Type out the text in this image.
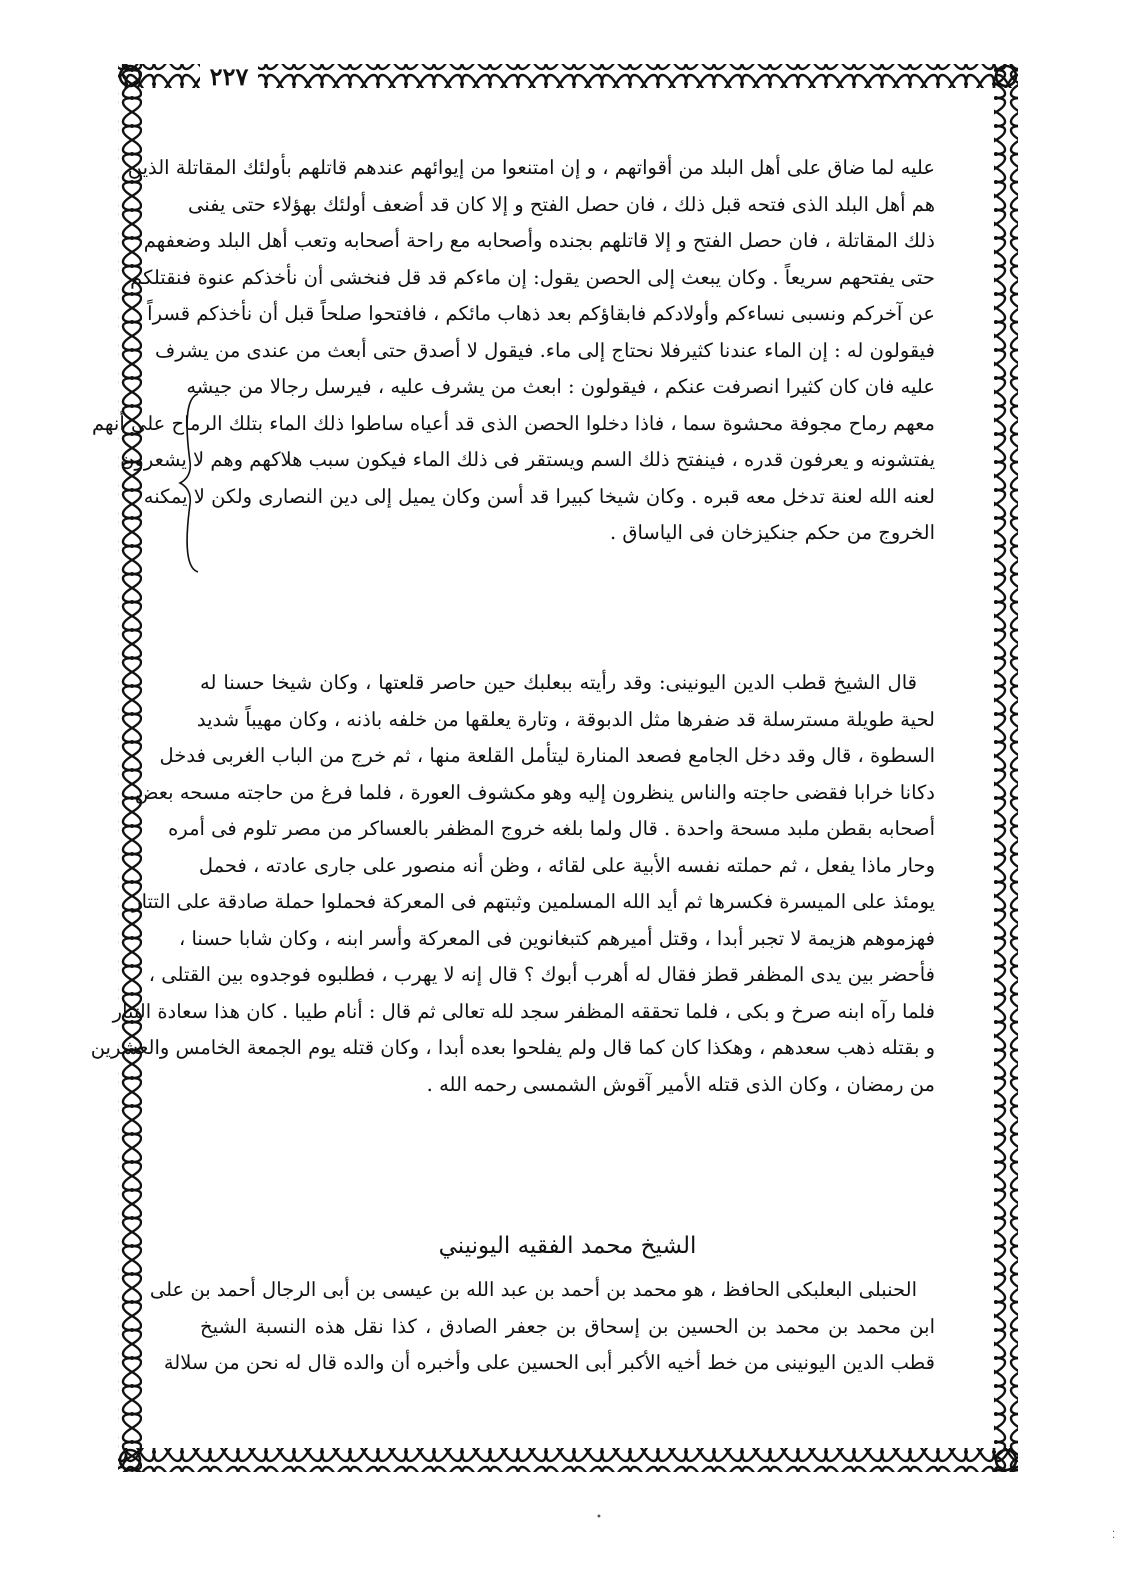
٢٢٧
عليه لما ضاق على أهل البلد من أقواتهم ، و إن امتنعوا من إيوائهم عندهم قاتلهم بأولئك المقاتلة الذين
هم أهل البلد الذى فتحه قبل ذلك ، فان حصل الفتح و إلا كان قد أضعف أولئك بهؤلاء حتى يفنى
ذلك المقاتلة ، فان حصل الفتح و إلا قاتلهم بجنده وأصحابه مع راحة أصحابه وتعب أهل البلد وضعفهم
حتى يفتحهم سريعاً . وكان يبعث إلى الحصن يقول: إن ماءكم قد قل فنخشى أن نأخذكم عنوة فنقتلكم
عن آخركم ونسبى نساءكم وأولادكم فابقاؤكم بعد ذهاب مائكم ، فافتحوا صلحاً قبل أن نأخذكم قسراً
فيقولون له : إن الماء عندنا كثيرفلا نحتاج إلى ماء. فيقول لا أصدق حتى أبعث من عندى من يشرف
عليه فان كان كثيرا انصرفت عنكم ، فيقولون : ابعث من يشرف عليه ، فيرسل رجالا من جيشه
معهم رماح مجوفة محشوة سما ، فاذا دخلوا الحصن الذى قد أعياه ساطوا ذلك الماء بتلك الرماح على أنهم
يفتشونه و يعرفون قدره ، فينفتح ذلك السم ويستقر فى ذلك الماء فيكون سبب هلاكهم وهم لا يشعرون
لعنه الله لعنة تدخل معه قبره . وكان شيخا كبيرا قد أسن وكان يميل إلى دين النصارى ولكن لا يمكنه
الخروج من حكم جنكيزخان فى الياساق .
قال الشيخ قطب الدين اليونينى: وقد رأيته ببعلبك حين حاصر قلعتها ، وكان شيخا حسنا له
لحية طويلة مسترسلة قد ضفرها مثل الدبوقة ، وتارة يعلقها من خلفه باذنه ، وكان مهيباً شديد
السطوة ، قال وقد دخل الجامع فصعد المنارة ليتأمل القلعة منها ، ثم خرج من الباب الغربى فدخل
دكانا خرابا فقضى حاجته والناس ينظرون إليه وهو مكشوف العورة ، فلما فرغ من حاجته مسحه بعض
أصحابه بقطن ملبد مسحة واحدة . قال ولما بلغه خروج المظفر بالعساكر من مصر تلوم فى أمره
وحار ماذا يفعل ، ثم حملته نفسه الأبية على لقائه ، وظن أنه منصور على جارى عادته ، فحمل
يومئذ على الميسرة فكسرها ثم أيد الله المسلمين وثبتهم فى المعركة فحملوا حملة صادقة على التتار
فهزموهم هزيمة لا تجبر أبدا ، وقتل أميرهم كتبغانوين فى المعركة وأسر ابنه ، وكان شابا حسنا ،
فأحضر بين يدى المظفر قطز فقال له أهرب أبوك ؟ قال إنه لا يهرب ، فطلبوه فوجدوه بين القتلى ،
فلما رآه ابنه صرخ و بكى ، فلما تحققه المظفر سجد لله تعالى ثم قال : أنام طيبا . كان هذا سعادة التتار
و بقتله ذهب سعدهم ، وهكذا كان كما قال ولم يفلحوا بعده أبدا ، وكان قتله يوم الجمعة الخامس والعشرين
من رمضان ، وكان الذى قتله الأمير آقوش الشمسى رحمه الله .
الشيخ محمد الفقيه اليونيني
الحنبلى البعلبكى الحافظ ، هو محمد بن أحمد بن عبد الله بن عيسى بن أبى الرجال أحمد بن على
ابن محمد بن محمد بن الحسين بن إسحاق بن جعفر الصادق ، كذا نقل هذه النسبة الشيخ
قطب الدين اليونينى من خط أخيه الأكبر أبى الحسين على وأخبره أن والده قال له نحن من سلالة
•
⁚
